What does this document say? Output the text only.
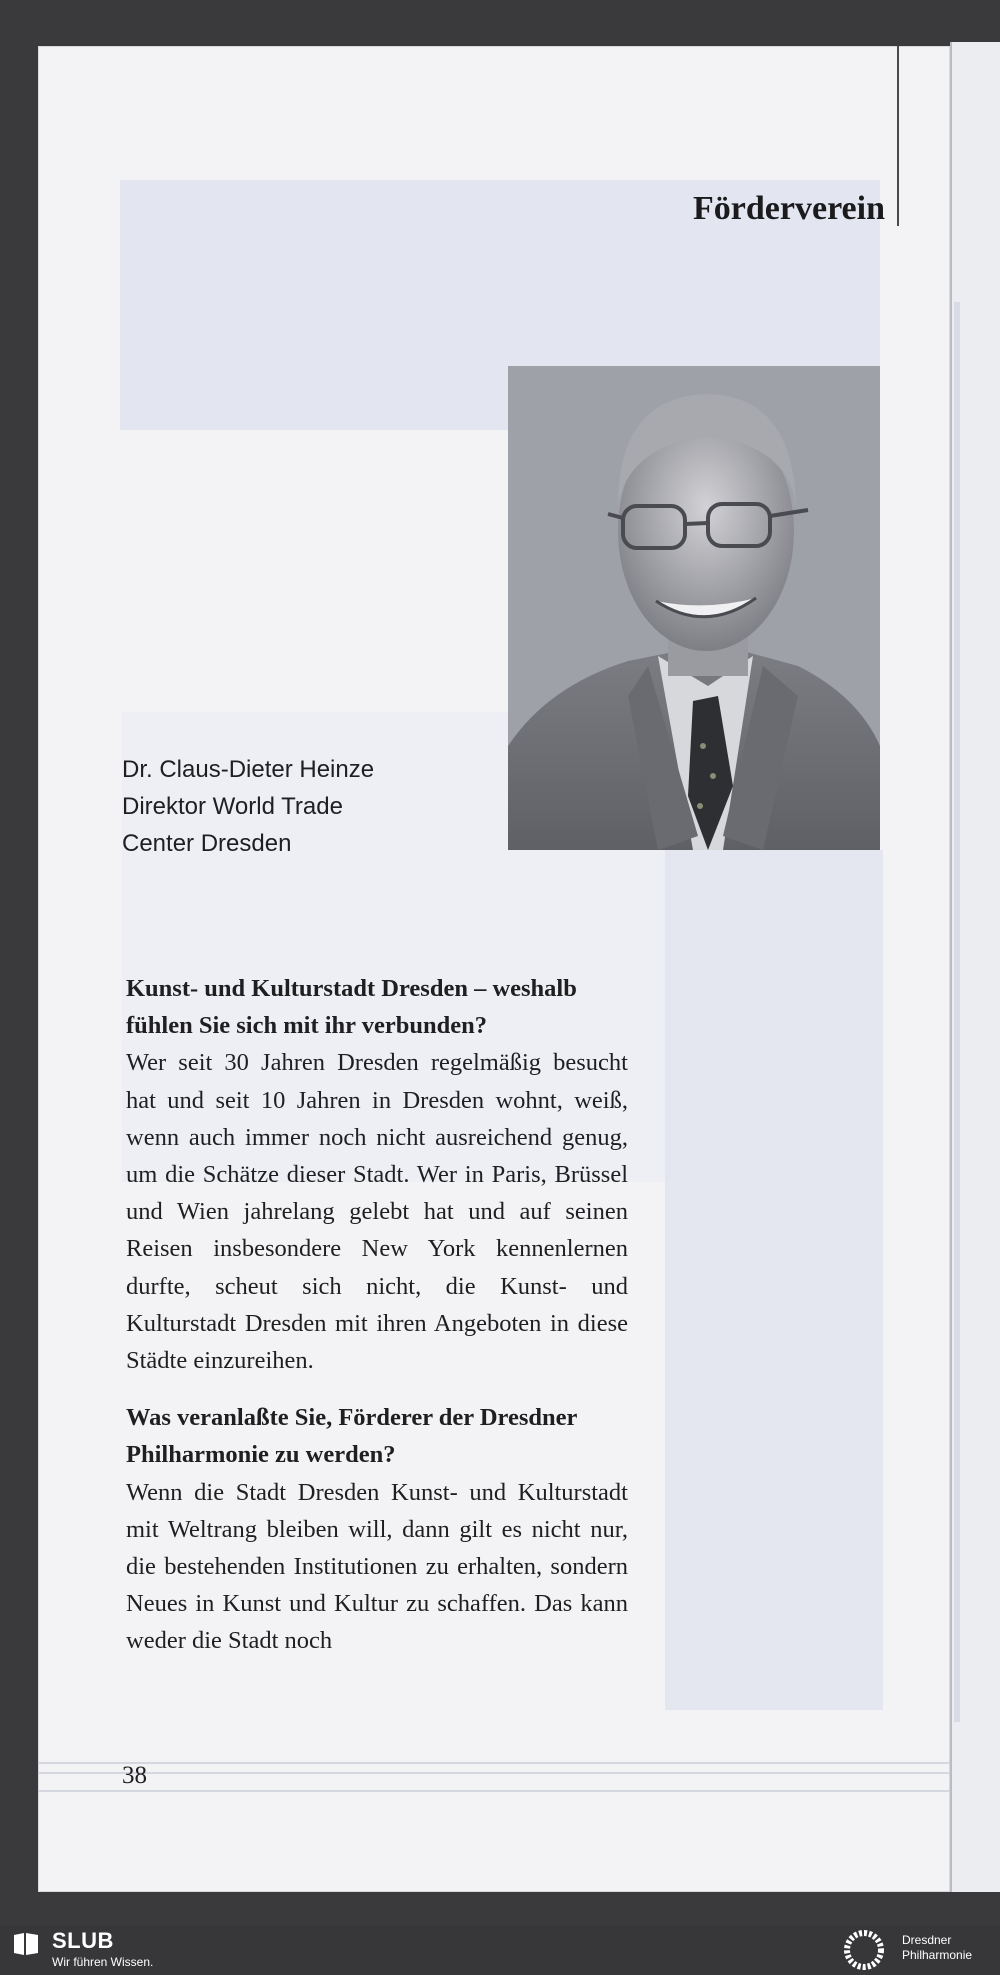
Förderverein
Dr. Claus-Dieter Heinze
Direktor World Trade
Center Dresden

Kunst- und Kulturstadt Dresden – weshalb fühlen Sie sich mit ihr verbunden?

Wer seit 30 Jahren Dresden regelmäßig besucht hat und seit 10 Jahren in Dresden wohnt, weiß, wenn auch immer noch nicht ausreichend genug, um die Schätze dieser Stadt. Wer in Paris, Brüssel und Wien jahrelang gelebt hat und auf seinen Reisen insbesondere New York kennenlernen durfte, scheut sich nicht, die Kunst- und Kulturstadt Dresden mit ihren Angeboten in diese Städte einzureihen.

Was veranlaßte Sie, Förderer der Dresdner Philharmonie zu werden?

Wenn die Stadt Dresden Kunst- und Kulturstadt mit Weltrang bleiben will, dann gilt es nicht nur, die bestehenden Institutionen zu erhalten, sondern Neues in Kunst und Kultur zu schaffen. Das kann weder die Stadt noch

38
SLUB
Wir führen Wissen.
Dresdner
Philharmonie
